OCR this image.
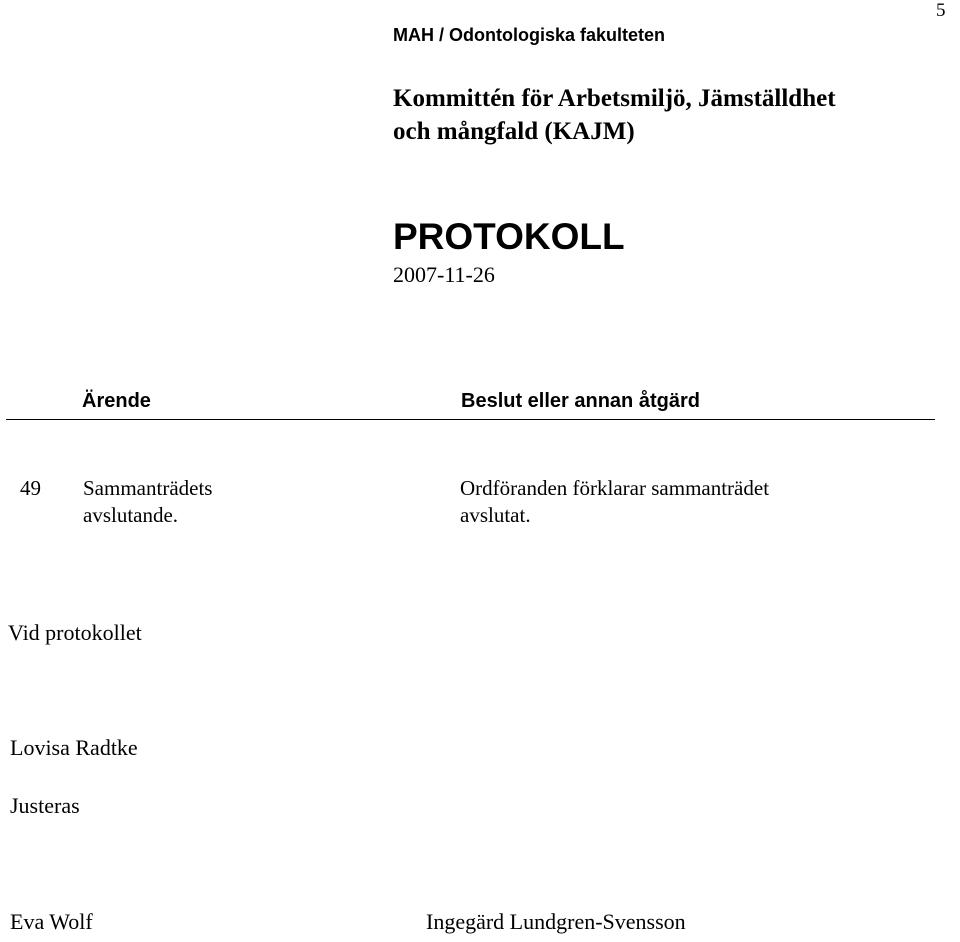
5
MAH / Odontologiska fakulteten
Kommittén för Arbetsmiljö, Jämställdhet
och mångfald (KAJM)
PROTOKOLL
2007-11-26
Ärende	Beslut eller annan åtgärd
49 Sammanträdets
avslutande.
Ordföranden förklarar sammanträdet
avslutat.
Vid protokollet
Lovisa Radtke
Justeras
Eva Wolf	Ingegärd Lundgren-Svensson
